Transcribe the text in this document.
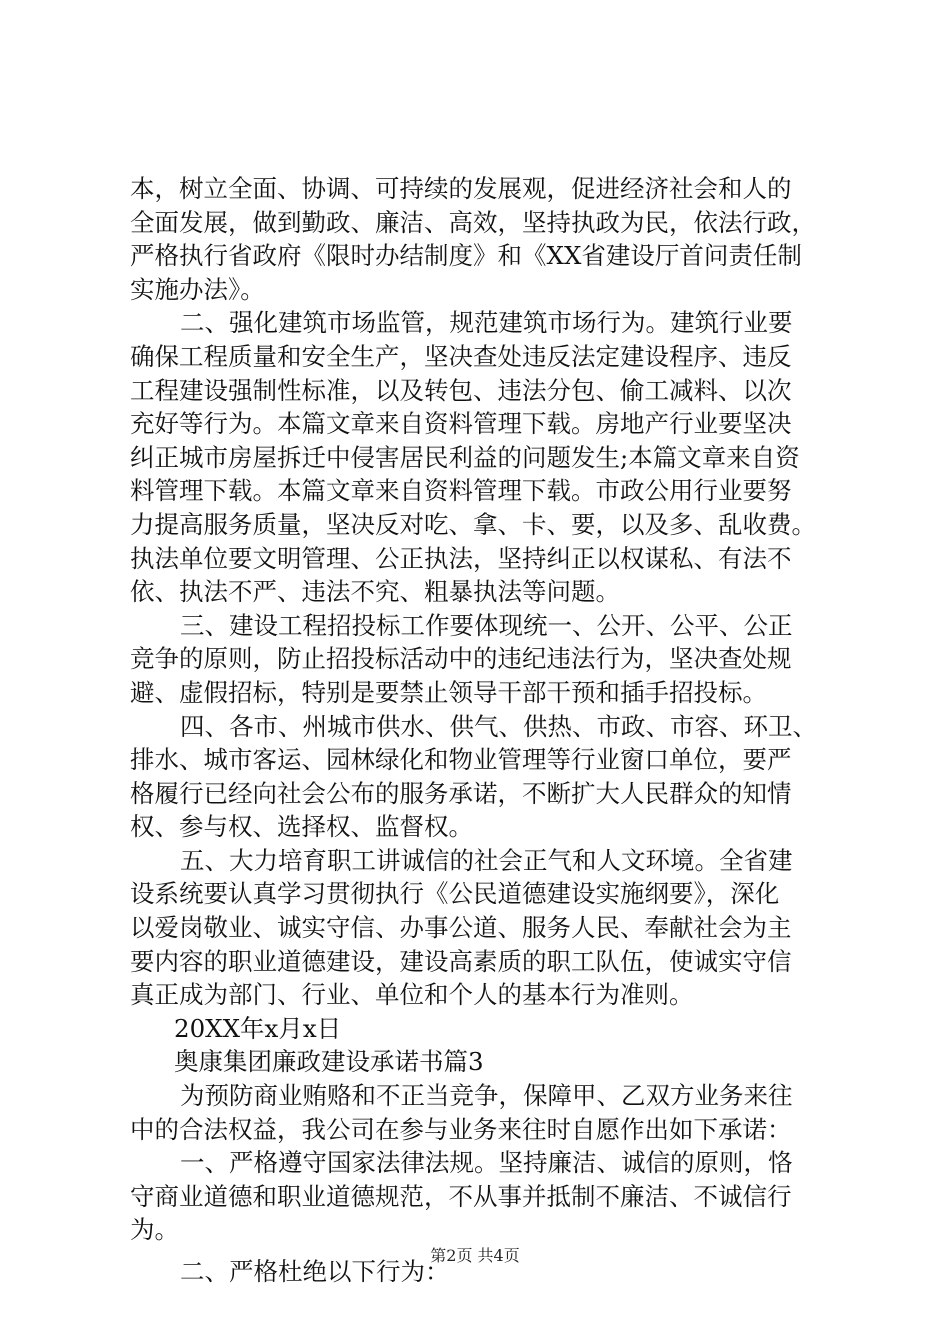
本，树立全面、协调、可持续的发展观，促进经济社会和人的
全面发展，做到勤政、廉洁、高效，坚持执政为民，依法行政，
严格执行省政府《限时办结制度》和《XX省建设厅首问责任制
实施办法》。
二、强化建筑市场监管，规范建筑市场行为。建筑行业要
确保工程质量和安全生产，坚决查处违反法定建设程序、违反
工程建设强制性标准，以及转包、违法分包、偷工减料、以次
充好等行为。本篇文章来自资料管理下载。房地产行业要坚决
纠正城市房屋拆迁中侵害居民利益的问题发生;本篇文章来自资
料管理下载。本篇文章来自资料管理下载。市政公用行业要努
力提高服务质量，坚决反对吃、拿、卡、要，以及多、乱收费。
执法单位要文明管理、公正执法，坚持纠正以权谋私、有法不
依、执法不严、违法不究、粗暴执法等问题。
三、建设工程招投标工作要体现统一、公开、公平、公正
竞争的原则，防止招投标活动中的违纪违法行为，坚决查处规
避、虚假招标，特别是要禁止领导干部干预和插手招投标。
四、各市、州城市供水、供气、供热、市政、市容、环卫、
排水、城市客运、园林绿化和物业管理等行业窗口单位，要严
格履行已经向社会公布的服务承诺，不断扩大人民群众的知情
权、参与权、选择权、监督权。
五、大力培育职工讲诚信的社会正气和人文环境。全省建
设系统要认真学习贯彻执行《公民道德建设实施纲要》，深化
以爱岗敬业、诚实守信、办事公道、服务人民、奉献社会为主
要内容的职业道德建设，建设高素质的职工队伍，使诚实守信
真正成为部门、行业、单位和个人的基本行为准则。
20XX年x月x日
奥康集团廉政建设承诺书篇3
为预防商业贿赂和不正当竞争，保障甲、乙双方业务来往
中的合法权益，我公司在参与业务来往时自愿作出如下承诺：
一、严格遵守国家法律法规。坚持廉洁、诚信的原则，恪
守商业道德和职业道德规范，不从事并抵制不廉洁、不诚信行
为。
二、严格杜绝以下行为：
第2页 共4页
